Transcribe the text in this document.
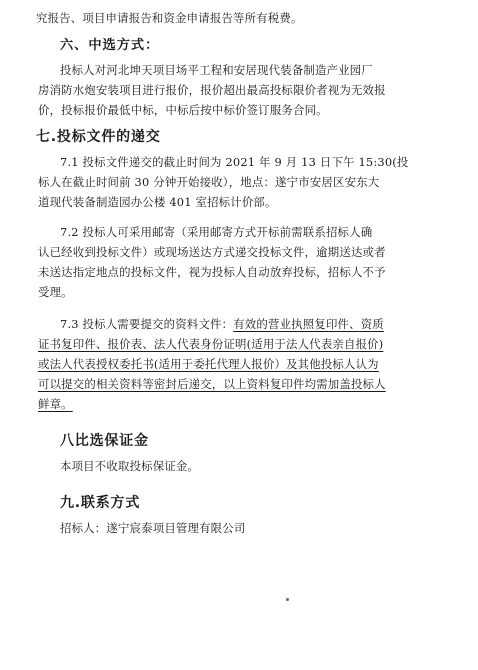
究报告、项目申请报告和资金申请报告等所有税费。

六、中选方式：

投标人对河北坤天项目场平工程和安居现代装备制造产业园厂

房消防水炮安装项目进行报价，报价超出最高投标限价者视为无效报

价，投标报价最低中标，中标后按中标价签订服务合同。

七.投标文件的递交

7.1 投标文件递交的截止时间为 2021 年 9 月 13 日下午 15:30(投

标人在截止时间前 30 分钟开始接收），地点：遂宁市安居区安东大

道现代装备制造园办公楼 401 室招标计价部。

7.2 投标人可采用邮寄（采用邮寄方式开标前需联系招标人确

认已经收到投标文件）或现场送达方式递交投标文件，逾期送达或者

未送达指定地点的投标文件，视为投标人自动放弃投标，招标人不予

受理。

7.3 投标人需要提交的资料文件：有效的营业执照复印件、资质

证书复印件、报价表、法人代表身份证明(适用于法人代表亲自报价)

或法人代表授权委托书(适用于委托代理人报价）及其他投标人认为

可以提交的相关资料等密封后递交，以上资料复印件均需加盖投标人

鲜章。

八比选保证金

本项目不收取投标保证金。

九.联系方式

招标人：遂宁宸泰项目管理有限公司
